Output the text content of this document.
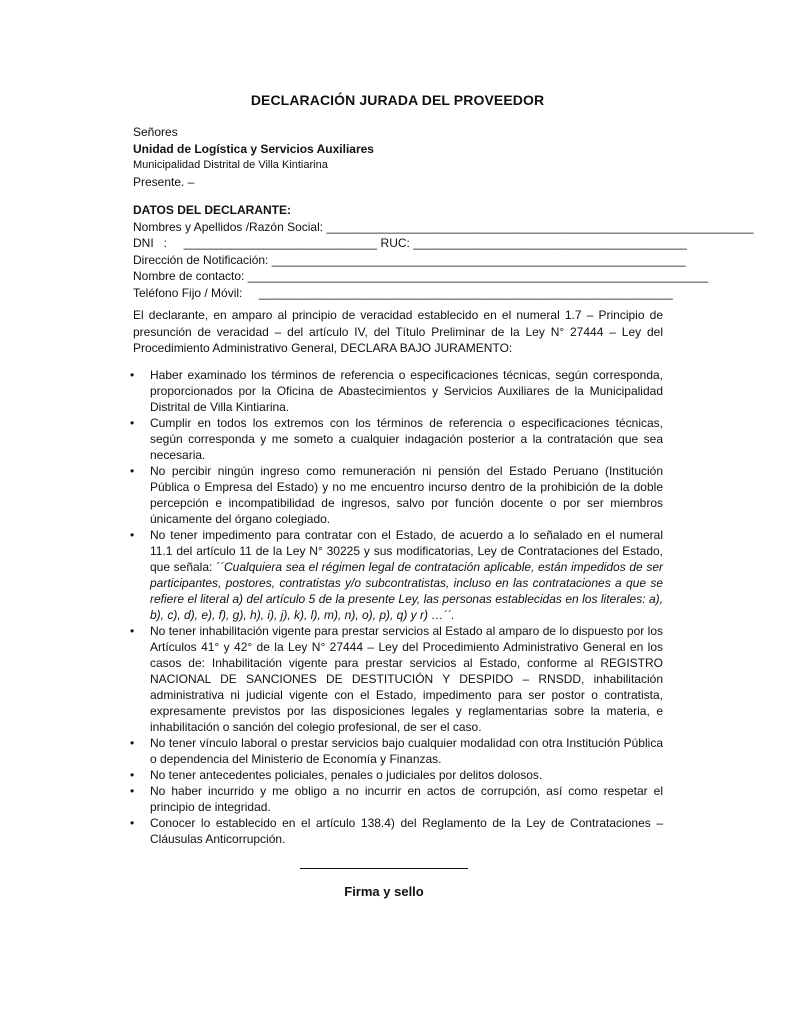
DECLARACIÓN JURADA DEL PROVEEDOR
Señores
Unidad de Logística y Servicios Auxiliares
Municipalidad Distrital de Villa Kintiarina
Presente. –
DATOS DEL DECLARANTE:
Nombres y Apellidos /Razón Social: ________________________________________________________________
DNI   :     _____________________________ RUC: _________________________________________
Dirección de Notificación: ______________________________________________________________
Nombre de contacto: _____________________________________________________________________
Teléfono Fijo / Móvil:     ______________________________________________________________
El declarante, en amparo al principio de veracidad establecido en el numeral 1.7 – Principio de presunción de veracidad – del artículo IV, del Título Preliminar de la Ley N° 27444 – Ley del Procedimiento Administrativo General, DECLARA BAJO JURAMENTO:
• Haber examinado los términos de referencia o especificaciones técnicas, según corresponda, proporcionados por la Oficina de Abastecimientos y Servicios Auxiliares de la Municipalidad Distrital de Villa Kintiarina.
• Cumplir en todos los extremos con los términos de referencia o especificaciones técnicas, según corresponda y me someto a cualquier indagación posterior a la contratación que sea necesaria.
• No percibir ningún ingreso como remuneración ni pensión del Estado Peruano (Institución Pública o Empresa del Estado) y no me encuentro incurso dentro de la prohibición de la doble percepción e incompatibilidad de ingresos, salvo por función docente o por ser miembros únicamente del órgano colegiado.
• No tener impedimento para contratar con el Estado, de acuerdo a lo señalado en el numeral 11.1 del artículo 11 de la Ley N° 30225 y sus modificatorias, Ley de Contrataciones del Estado, que señala: ´´Cualquiera sea el régimen legal de contratación aplicable, están impedidos de ser participantes, postores, contratistas y/o subcontratistas, incluso en las contrataciones a que se refiere el literal a) del artículo 5 de la presente Ley, las personas establecidas en los literales: a), b), c), d), e), f), g), h), i), j), k), l), m), n), o), p), q) y r) …´´.
• No tener inhabilitación vigente para prestar servicios al Estado al amparo de lo dispuesto por los Artículos 41° y 42° de la Ley N° 27444 – Ley del Procedimiento Administrativo General en los casos de: Inhabilitación vigente para prestar servicios al Estado, conforme al REGISTRO NACIONAL DE SANCIONES DE DESTITUCIÓN Y DESPIDO – RNSDD, inhabilitación administrativa ni judicial vigente con el Estado, impedimento para ser postor o contratista, expresamente previstos por las disposiciones legales y reglamentarias sobre la materia, e inhabilitación o sanción del colegio profesional, de ser el caso.
• No tener vínculo laboral o prestar servicios bajo cualquier modalidad con otra Institución Pública o dependencia del Ministerio de Economía y Finanzas.
• No tener antecedentes policiales, penales o judiciales por delitos dolosos.
• No haber incurrido y me obligo a no incurrir en actos de corrupción, así como respetar el principio de integridad.
• Conocer lo establecido en el artículo 138.4) del Reglamento de la Ley de Contrataciones – Cláusulas Anticorrupción.
Firma y sello
